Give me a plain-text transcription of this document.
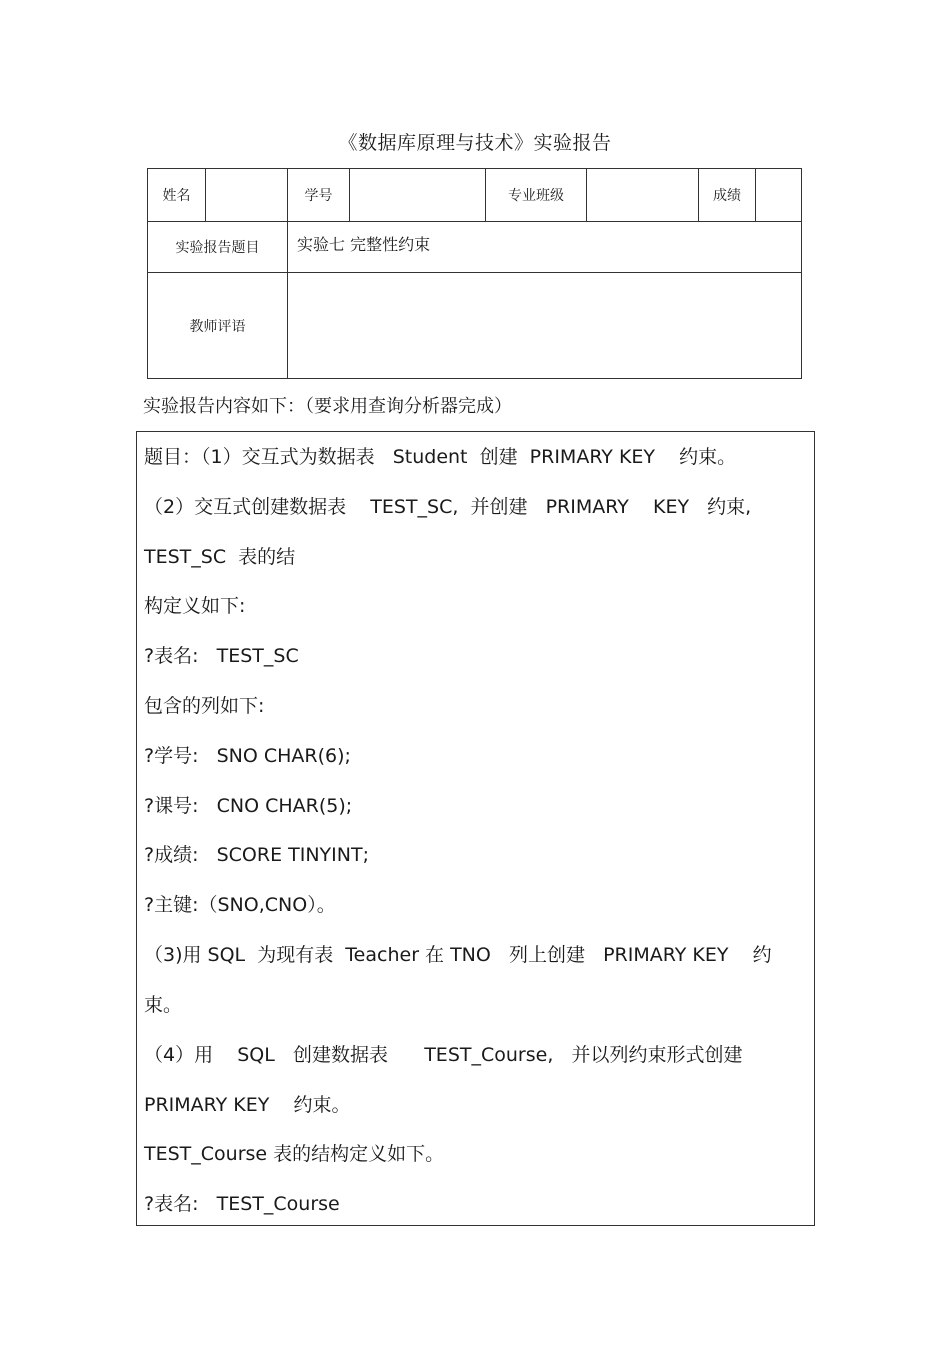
《数据库原理与技术》实验报告
姓名		学号		专业班级		成绩	
实验报告题目		实验七 完整性约束					
教师评语							
实验报告内容如下：（要求用查询分析器完成）
题目：（1）交互式为数据表   Student  创建  PRIMARY KEY    约束。
（2）交互式创建数据表    TEST_SC,  并创建   PRIMARY    KEY   约束,
TEST_SC  表的结
构定义如下:
?表名:   TEST_SC
包含的列如下:
?学号:   SNO CHAR(6);
?课号:   CNO CHAR(5);
?成绩:   SCORE TINYINT;
?主键:（SNO,CNO）。
（3)用 SQL  为现有表  Teacher 在 TNO   列上创建   PRIMARY KEY    约
束。
（4）用    SQL   创建数据表      TEST_Course,   并以列约束形式创建
PRIMARY KEY    约束。
TEST_Course 表的结构定义如下。
?表名:   TEST_Course
